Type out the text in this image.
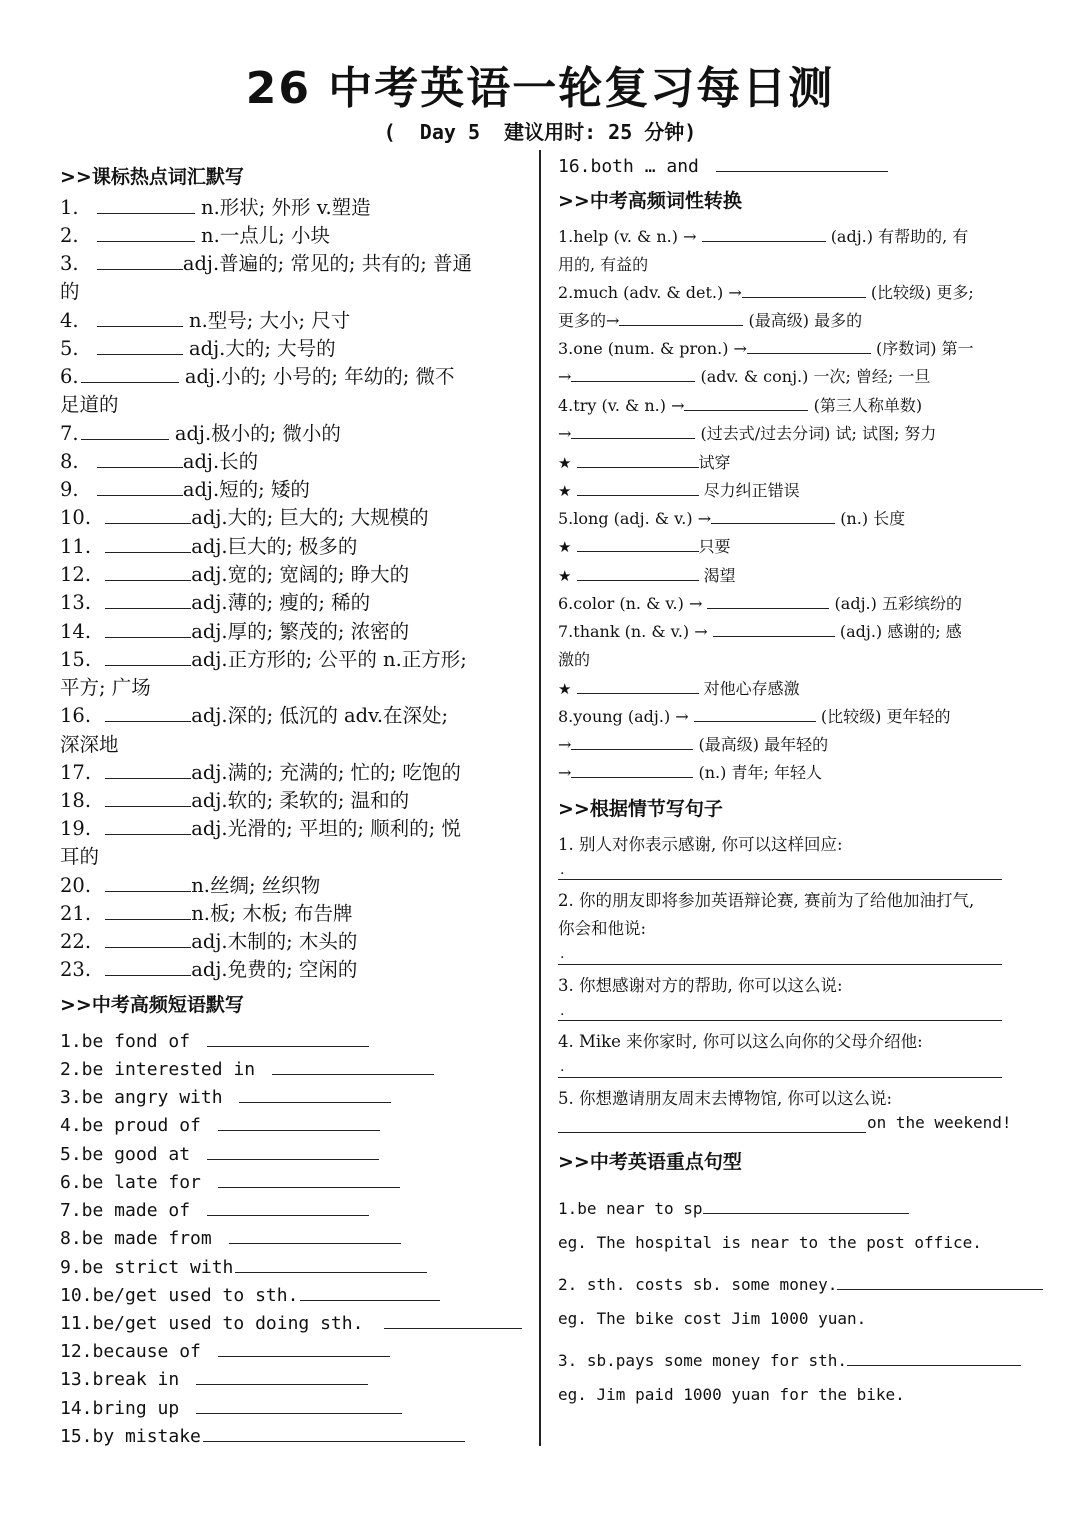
26 中考英语一轮复习每日测
(  Day 5  建议用时: 25 分钟)
>>课标热点词汇默写
1.	n.形状; 外形 v.塑造
2.	n.一点儿; 小块
3.	adj.普遍的; 常见的; 共有的; 普通
的
4.	n.型号; 大小; 尺寸
5.	adj.大的; 大号的
6.	adj.小的; 小号的; 年幼的; 微不
足道的
7.	adj.极小的; 微小的
8.	adj.长的
9.	adj.短的; 矮的
10.	adj.大的; 巨大的; 大规模的
11.	adj.巨大的; 极多的
12.	adj.宽的; 宽阔的; 睁大的
13.	adj.薄的; 瘦的; 稀的
14.	adj.厚的; 繁茂的; 浓密的
15.	adj.正方形的; 公平的 n.正方形;
平方; 广场
16.	adj.深的; 低沉的 adv.在深处;
深深地
17.	adj.满的; 充满的; 忙的; 吃饱的
18.	adj.软的; 柔软的; 温和的
19.	adj.光滑的; 平坦的; 顺利的; 悦
耳的
20.	n.丝绸; 丝织物
21.	n.板; 木板; 布告牌
22.	adj.木制的; 木头的
23.	adj.免费的; 空闲的
>>中考高频短语默写
1.be fond of
2.be interested in
3.be angry with
4.be proud of
5.be good at
6.be late for
7.be made of
8.be made from
9.be strict with
10.be/get used to sth.
11.be/get used to doing sth.
12.because of
13.break in
14.bring up
15.by mistake
16.both … and
>>中考高频词性转换
1.help (v. & n.) →	(adj.) 有帮助的, 有
用的, 有益的
2.much (adv. & det.) →	(比较级) 更多;
更多的→	(最高级) 最多的
3.one (num. & pron.) →	(序数词) 第一
→	(adv. & conj.) 一次; 曾经; 一旦
4.try (v. & n.) →	(第三人称单数)
→	(过去式/过去分词) 试; 试图; 努力
★	试穿
★	尽力纠正错误
5.long (adj. & v.) →	(n.) 长度
★	只要
★	渴望
6.color (n. & v.) →	(adj.) 五彩缤纷的
7.thank (n. & v.) →	(adj.) 感谢的; 感
激的
★	对他心存感激
8.young (adj.) →	(比较级) 更年轻的
→	(最高级) 最年轻的
→	(n.) 青年; 年轻人
>>根据情节写句子
1. 别人对你表示感谢, 你可以这样回应:
.
2. 你的朋友即将参加英语辩论赛, 赛前为了给他加油打气,
你会和他说:
.
3. 你想感谢对方的帮助, 你可以这么说:
.
4. Mike 来你家时, 你可以这么向你的父母介绍他:
.
5. 你想邀请朋友周末去博物馆, 你可以这么说:
on the weekend!
>>中考英语重点句型
1.be near to sp
eg. The hospital is near to the post office.
2. sth. costs sb. some money.
eg. The bike cost Jim 1000 yuan.
3. sb.pays some money for sth.
eg. Jim paid 1000 yuan for the bike.
